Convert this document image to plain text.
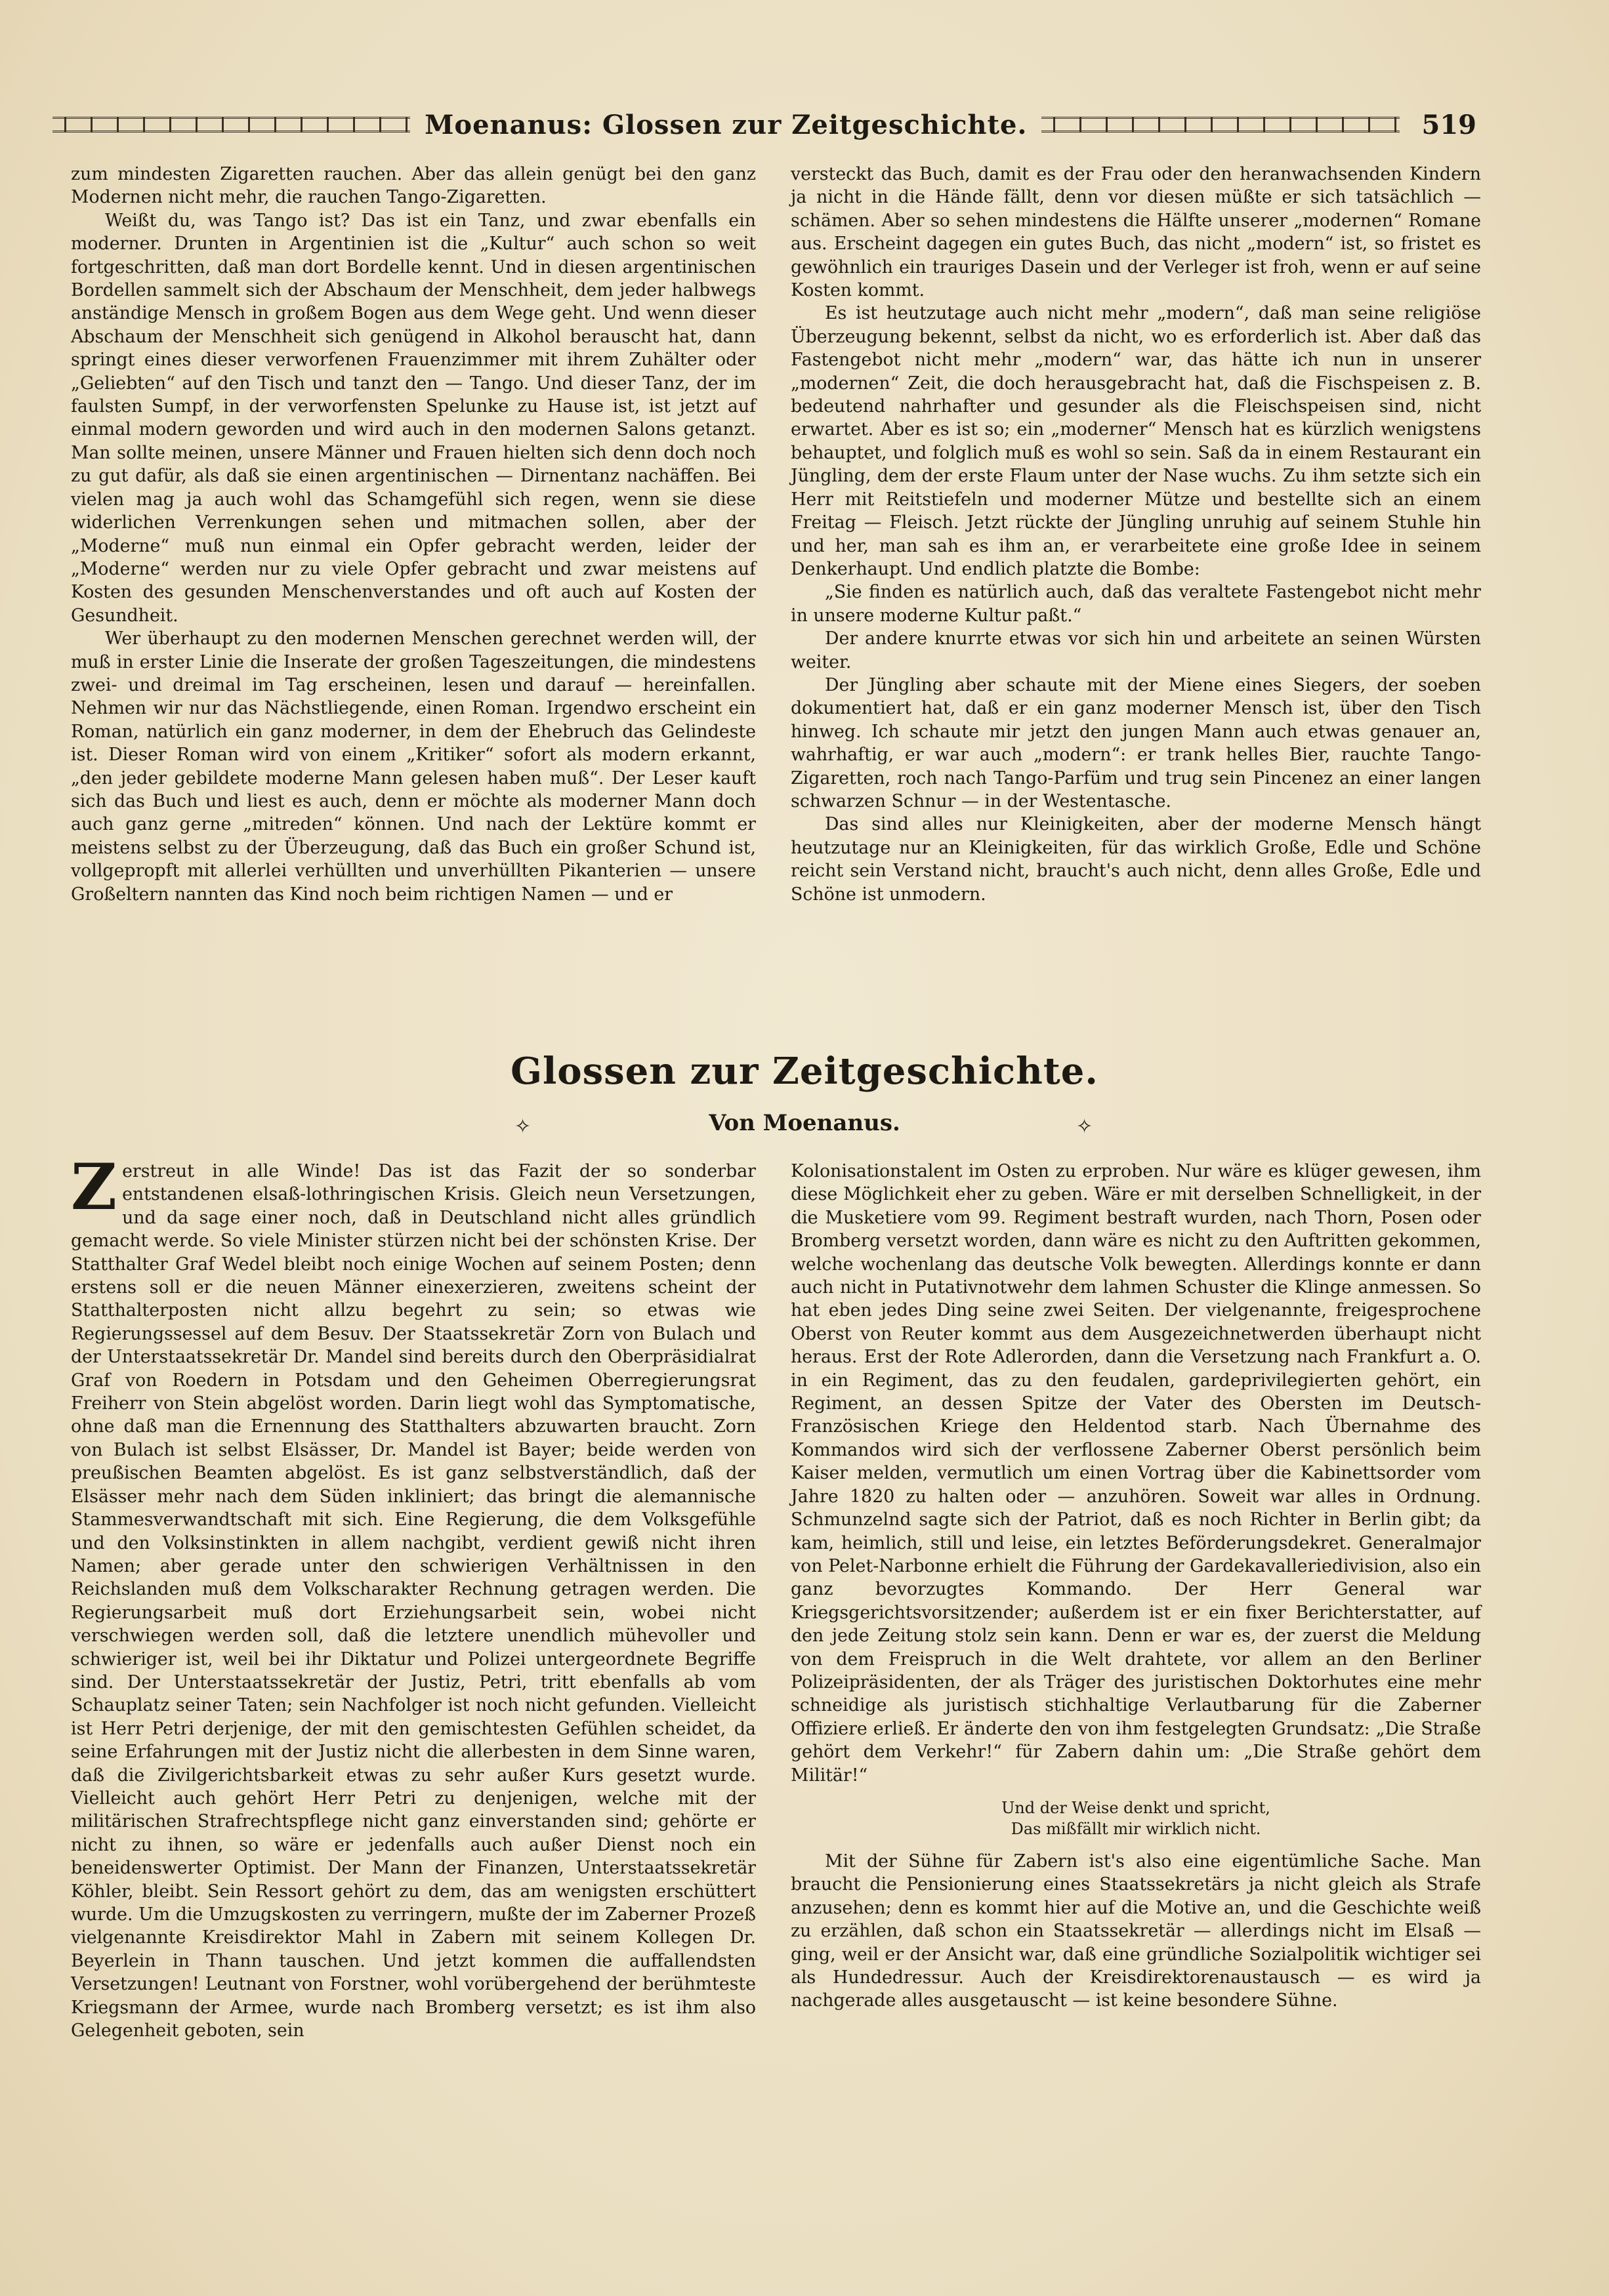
Moenanus: Glossen zur Zeitgeschichte.	519

zum mindesten Zigaretten rauchen. Aber das allein genügt bei den ganz Modernen nicht mehr, die rauchen Tango-Zigaretten.

Weißt du, was Tango ist? Das ist ein Tanz, und zwar ebenfalls ein moderner. Drunten in Argentinien ist die „Kultur“ auch schon so weit fortgeschritten, daß man dort Bordelle kennt. Und in diesen argentinischen Bordellen sammelt sich der Abschaum der Menschheit, dem jeder halbwegs anständige Mensch in großem Bogen aus dem Wege geht. Und wenn dieser Abschaum der Menschheit sich genügend in Alkohol berauscht hat, dann springt eines dieser verworfenen Frauenzimmer mit ihrem Zuhälter oder „Geliebten“ auf den Tisch und tanzt den — Tango. Und dieser Tanz, der im faulsten Sumpf, in der verworfensten Spelunke zu Hause ist, ist jetzt auf einmal modern geworden und wird auch in den modernen Salons getanzt. Man sollte meinen, unsere Männer und Frauen hielten sich denn doch noch zu gut dafür, als daß sie einen argentinischen — Dirnentanz nachäffen. Bei vielen mag ja auch wohl das Schamgefühl sich regen, wenn sie diese widerlichen Verrenkungen sehen und mitmachen sollen, aber der „Moderne“ muß nun einmal ein Opfer gebracht werden, leider der „Moderne“ werden nur zu viele Opfer gebracht und zwar meistens auf Kosten des gesunden Menschenverstandes und oft auch auf Kosten der Gesundheit.

Wer überhaupt zu den modernen Menschen gerechnet werden will, der muß in erster Linie die Inserate der großen Tageszeitungen, die mindestens zwei- und dreimal im Tag erscheinen, lesen und darauf — hereinfallen. Nehmen wir nur das Nächstliegende, einen Roman. Irgendwo erscheint ein Roman, natürlich ein ganz moderner, in dem der Ehebruch das Gelindeste ist. Dieser Roman wird von einem „Kritiker“ sofort als modern erkannt, „den jeder gebildete moderne Mann gelesen haben muß“. Der Leser kauft sich das Buch und liest es auch, denn er möchte als moderner Mann doch auch ganz gerne „mitreden“ können. Und nach der Lektüre kommt er meistens selbst zu der Überzeugung, daß das Buch ein großer Schund ist, vollgepropft mit allerlei verhüllten und unverhüllten Pikanterien — unsere Großeltern nannten das Kind noch beim richtigen Namen — und er

versteckt das Buch, damit es der Frau oder den heranwachsenden Kindern ja nicht in die Hände fällt, denn vor diesen müßte er sich tatsächlich — schämen. Aber so sehen mindestens die Hälfte unserer „modernen“ Romane aus. Erscheint dagegen ein gutes Buch, das nicht „modern“ ist, so fristet es gewöhnlich ein trauriges Dasein und der Verleger ist froh, wenn er auf seine Kosten kommt.

Es ist heutzutage auch nicht mehr „modern“, daß man seine religiöse Überzeugung bekennt, selbst da nicht, wo es erforderlich ist. Aber daß das Fastengebot nicht mehr „modern“ war, das hätte ich nun in unserer „modernen“ Zeit, die doch herausgebracht hat, daß die Fischspeisen z. B. bedeutend nahrhafter und gesunder als die Fleischspeisen sind, nicht erwartet. Aber es ist so; ein „moderner“ Mensch hat es kürzlich wenigstens behauptet, und folglich muß es wohl so sein. Saß da in einem Restaurant ein Jüngling, dem der erste Flaum unter der Nase wuchs. Zu ihm setzte sich ein Herr mit Reitstiefeln und moderner Mütze und bestellte sich an einem Freitag — Fleisch. Jetzt rückte der Jüngling unruhig auf seinem Stuhle hin und her, man sah es ihm an, er verarbeitete eine große Idee in seinem Denkerhaupt. Und endlich platzte die Bombe:

„Sie finden es natürlich auch, daß das veraltete Fastengebot nicht mehr in unsere moderne Kultur paßt.“

Der andere knurrte etwas vor sich hin und arbeitete an seinen Würsten weiter.

Der Jüngling aber schaute mit der Miene eines Siegers, der soeben dokumentiert hat, daß er ein ganz moderner Mensch ist, über den Tisch hinweg. Ich schaute mir jetzt den jungen Mann auch etwas genauer an, wahrhaftig, er war auch „modern“: er trank helles Bier, rauchte Tango-Zigaretten, roch nach Tango-Parfüm und trug sein Pincenez an einer langen schwarzen Schnur — in der Westentasche.

Das sind alles nur Kleinigkeiten, aber der moderne Mensch hängt heutzutage nur an Kleinigkeiten, für das wirklich Große, Edle und Schöne reicht sein Verstand nicht, braucht's auch nicht, denn alles Große, Edle und Schöne ist unmodern.

Glossen zur Zeitgeschichte.
✧	Von Moenanus.	✧

Zerstreut in alle Winde! Das ist das Fazit der so sonderbar entstandenen elsaß-lothringischen Krisis. Gleich neun Versetzungen, und da sage einer noch, daß in Deutschland nicht alles gründlich gemacht werde. So viele Minister stürzen nicht bei der schönsten Krise. Der Statthalter Graf Wedel bleibt noch einige Wochen auf seinem Posten; denn erstens soll er die neuen Männer einexerzieren, zweitens scheint der Statthalterposten nicht allzu begehrt zu sein; so etwas wie Regierungssessel auf dem Besuv. Der Staatssekretär Zorn von Bulach und der Unterstaatssekretär Dr. Mandel sind bereits durch den Oberpräsidialrat Graf von Roedern in Potsdam und den Geheimen Oberregierungsrat Freiherr von Stein abgelöst worden. Darin liegt wohl das Symptomatische, ohne daß man die Ernennung des Statthalters abzuwarten braucht. Zorn von Bulach ist selbst Elsässer, Dr. Mandel ist Bayer; beide werden von preußischen Beamten abgelöst. Es ist ganz selbstverständlich, daß der Elsässer mehr nach dem Süden inkliniert; das bringt die alemannische Stammesverwandtschaft mit sich. Eine Regierung, die dem Volksgefühle und den Volksinstinkten in allem nachgibt, verdient gewiß nicht ihren Namen; aber gerade unter den schwierigen Verhältnissen in den Reichslanden muß dem Volkscharakter Rechnung getragen werden. Die Regierungsarbeit muß dort Erziehungsarbeit sein, wobei nicht verschwiegen werden soll, daß die letztere unendlich mühevoller und schwieriger ist, weil bei ihr Diktatur und Polizei untergeordnete Begriffe sind. Der Unterstaatssekretär der Justiz, Petri, tritt ebenfalls ab vom Schauplatz seiner Taten; sein Nachfolger ist noch nicht gefunden. Vielleicht ist Herr Petri derjenige, der mit den gemischtesten Gefühlen scheidet, da seine Erfahrungen mit der Justiz nicht die allerbesten in dem Sinne waren, daß die Zivilgerichtsbarkeit etwas zu sehr außer Kurs gesetzt wurde. Vielleicht auch gehört Herr Petri zu denjenigen, welche mit der militärischen Strafrechtspflege nicht ganz einverstanden sind; gehörte er nicht zu ihnen, so wäre er jedenfalls auch außer Dienst noch ein beneidenswerter Optimist. Der Mann der Finanzen, Unterstaatssekretär Köhler, bleibt. Sein Ressort gehört zu dem, das am wenigsten erschüttert wurde. Um die Umzugskosten zu verringern, mußte der im Zaberner Prozeß vielgenannte Kreisdirektor Mahl in Zabern mit seinem Kollegen Dr. Beyerlein in Thann tauschen. Und jetzt kommen die auffallendsten Versetzungen! Leutnant von Forstner, wohl vorübergehend der berühmteste Kriegsmann der Armee, wurde nach Bromberg versetzt; es ist ihm also Gelegenheit geboten, sein

Kolonisationstalent im Osten zu erproben. Nur wäre es klüger gewesen, ihm diese Möglichkeit eher zu geben. Wäre er mit derselben Schnelligkeit, in der die Musketiere vom 99. Regiment bestraft wurden, nach Thorn, Posen oder Bromberg versetzt worden, dann wäre es nicht zu den Auftritten gekommen, welche wochenlang das deutsche Volk bewegten. Allerdings konnte er dann auch nicht in Putativnotwehr dem lahmen Schuster die Klinge anmessen. So hat eben jedes Ding seine zwei Seiten. Der vielgenannte, freigesprochene Oberst von Reuter kommt aus dem Ausgezeichnetwerden überhaupt nicht heraus. Erst der Rote Adlerorden, dann die Versetzung nach Frankfurt a. O. in ein Regiment, das zu den feudalen, gardeprivilegierten gehört, ein Regiment, an dessen Spitze der Vater des Obersten im Deutsch-Französischen Kriege den Heldentod starb. Nach Übernahme des Kommandos wird sich der verflossene Zaberner Oberst persönlich beim Kaiser melden, vermutlich um einen Vortrag über die Kabinettsorder vom Jahre 1820 zu halten oder — anzuhören. Soweit war alles in Ordnung. Schmunzelnd sagte sich der Patriot, daß es noch Richter in Berlin gibt; da kam, heimlich, still und leise, ein letztes Beförderungsdekret. Generalmajor von Pelet-Narbonne erhielt die Führung der Gardekavalleriedivision, also ein ganz bevorzugtes Kommando. Der Herr General war Kriegsgerichtsvorsitzender; außerdem ist er ein fixer Berichterstatter, auf den jede Zeitung stolz sein kann. Denn er war es, der zuerst die Meldung von dem Freispruch in die Welt drahtete, vor allem an den Berliner Polizeipräsidenten, der als Träger des juristischen Doktorhutes eine mehr schneidige als juristisch stichhaltige Verlautbarung für die Zaberner Offiziere erließ. Er änderte den von ihm festgelegten Grundsatz: „Die Straße gehört dem Verkehr!“ für Zabern dahin um: „Die Straße gehört dem Militär!“

Und der Weise denkt und spricht,

Das mißfällt mir wirklich nicht.

Mit der Sühne für Zabern ist's also eine eigentümliche Sache. Man braucht die Pensionierung eines Staatssekretärs ja nicht gleich als Strafe anzusehen; denn es kommt hier auf die Motive an, und die Geschichte weiß zu erzählen, daß schon ein Staatssekretär — allerdings nicht im Elsaß — ging, weil er der Ansicht war, daß eine gründliche Sozialpolitik wichtiger sei als Hundedressur. Auch der Kreisdirektorenaustausch — es wird ja nachgerade alles ausgetauscht — ist keine besondere Sühne.
